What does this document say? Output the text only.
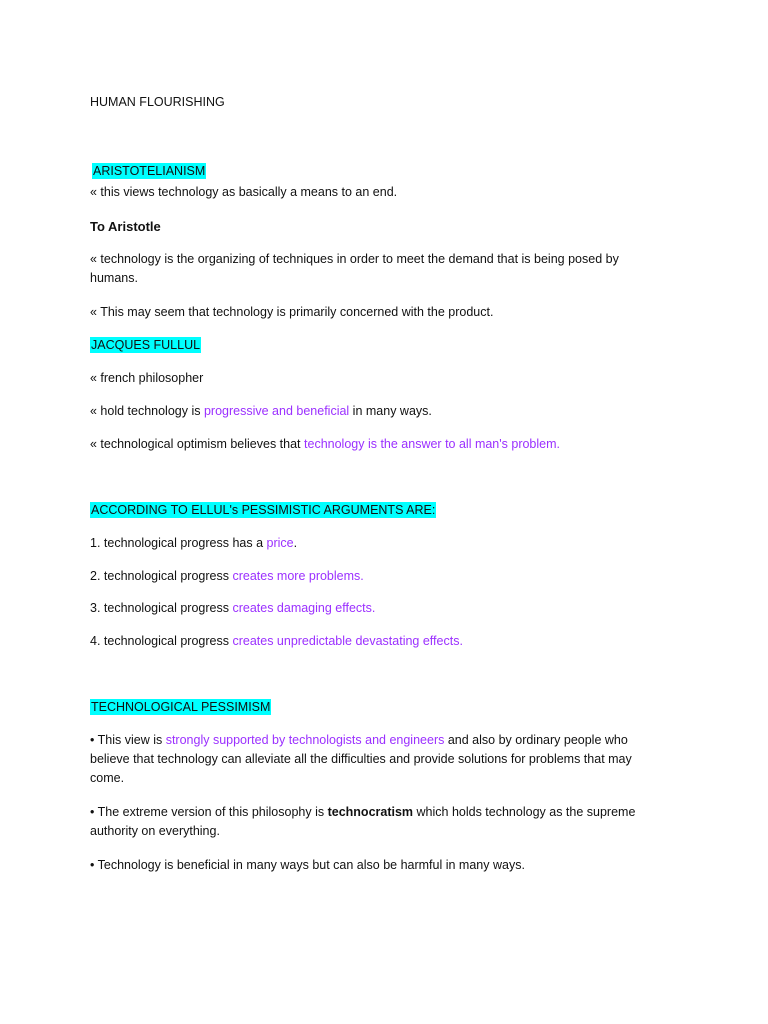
HUMAN FLOURISHING
ARISTOTELIANISM
« this views technology as basically a means to an end.
To Aristotle
« technology is the organizing of techniques in order to meet the demand that is being posed by humans.
« This may seem that technology is primarily concerned with the product.
JACQUES FULLUL
« french philosopher
« hold technology is progressive and beneficial in many ways.
« technological optimism believes that technology is the answer to all man's problem.
ACCORDING TO ELLUL's PESSIMISTIC ARGUMENTS ARE:
1. technological progress has a price.
2. technological progress creates more problems.
3. technological progress creates damaging effects.
4. technological progress creates unpredictable devastating effects.
TECHNOLOGICAL PESSIMISM
• This view is strongly supported by technologists and engineers and also by ordinary people who believe that technology can alleviate all the difficulties and provide solutions for problems that may come.
• The extreme version of this philosophy is technocratism which holds technology as the supreme authority on everything.
• Technology is beneficial in many ways but can also be harmful in many ways.
